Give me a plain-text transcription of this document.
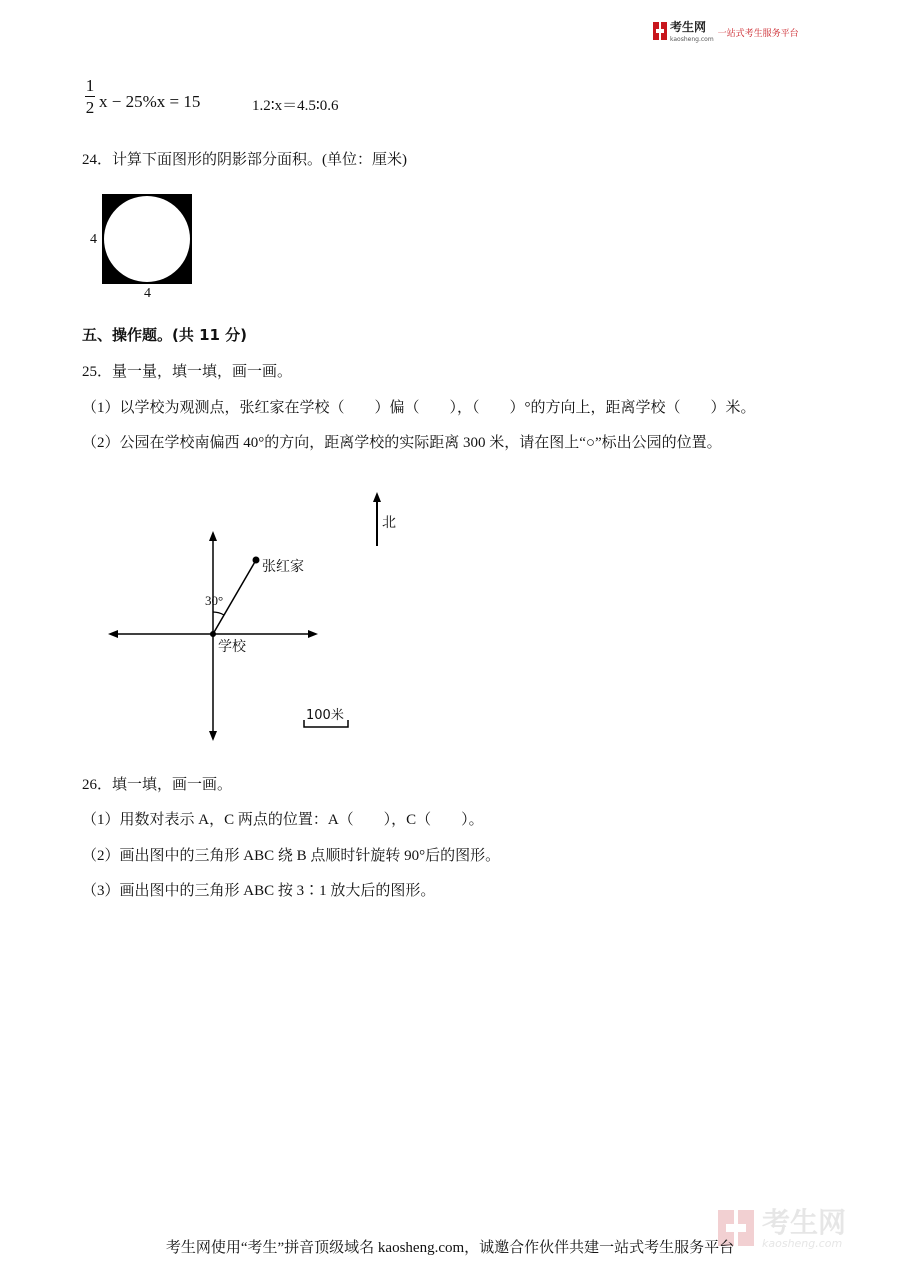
考生网
kaosheng.com 一站式考生服务平台
1
2 x − 25%x = 15	1.2∶x＝4.5∶0.6
24．计算下面图形的阴影部分面积。(单位：厘米)
4
4
五、操作题。(共 11 分)
25．量一量，填一填，画一画。
（1）以学校为观测点，张红家在学校（　　）偏（　　），（　　）°的方向上，距离学校（　　）米。
（2）公园在学校南偏西 40°的方向，距离学校的实际距离 300 米，请在图上“○”标出公园的位置。
北
张红家
30°
学校
100米
26．填一填，画一画。
（1）用数对表示 A，C 两点的位置：A（　　），C（　　）。
（2）画出图中的三角形 ABC 绕 B 点顺时针旋转 90°后的图形。
（3）画出图中的三角形 ABC 按 3∶1 放大后的图形。
考生网
kaosheng.com
考生网使用“考生”拼音顶级域名 kaosheng.com，诚邀合作伙伴共建一站式考生服务平台
